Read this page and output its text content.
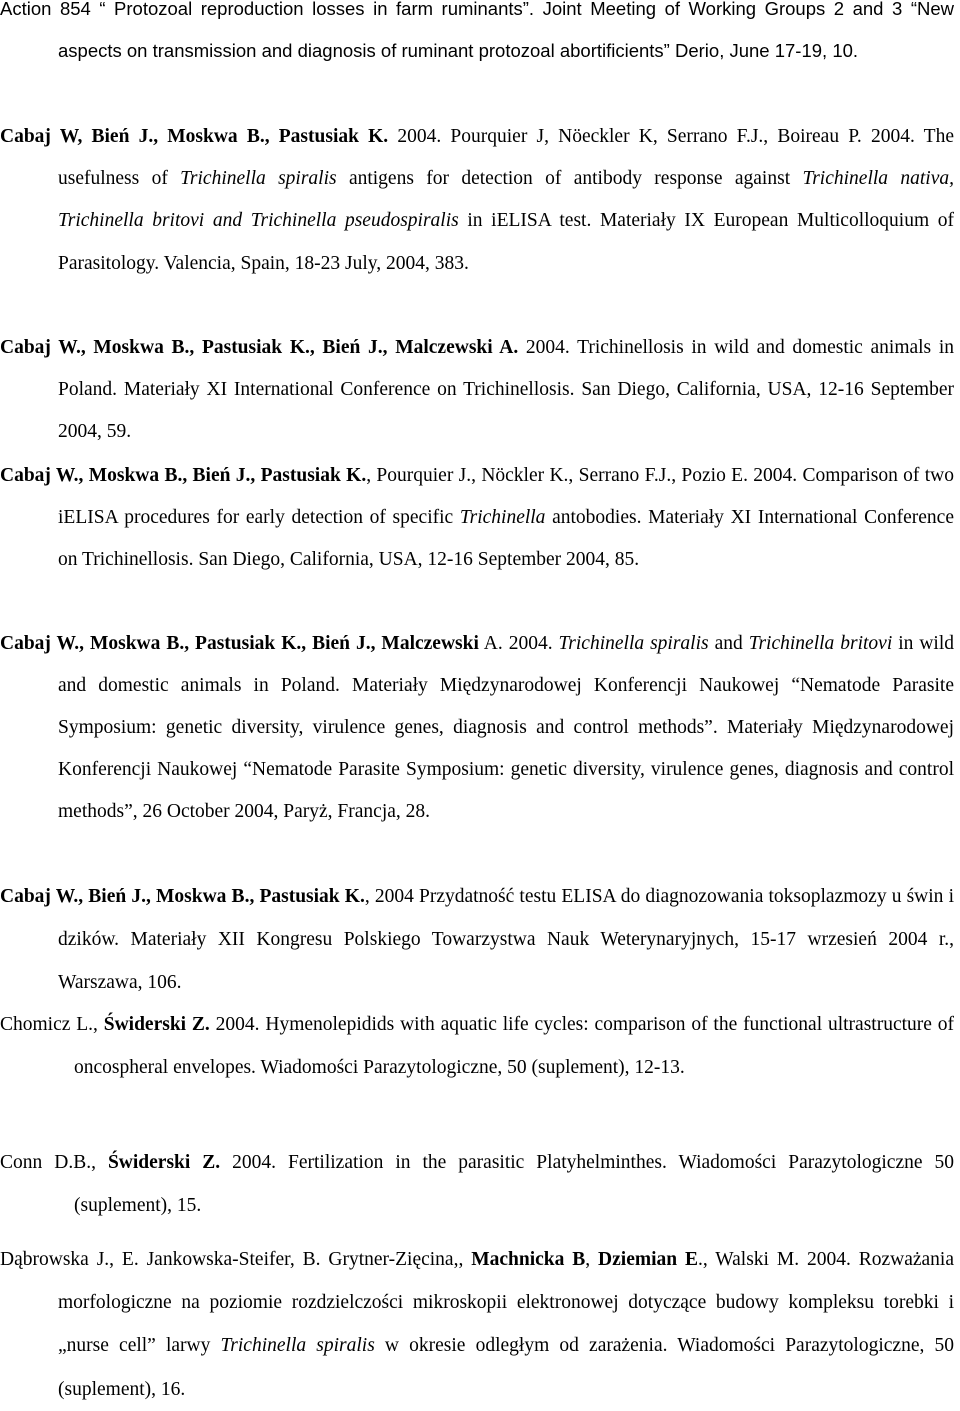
Action 854 “ Protozoal reproduction losses in farm ruminants”. Joint Meeting of Working Groups 2 and 3 “New aspects on transmission and diagnosis of ruminant protozoal abortificients” Derio, June 17-19, 10.

Cabaj W, Bień J., Moskwa B., Pastusiak K. 2004. Pourquier J, Nöeckler K, Serrano F.J., Boireau P. 2004. The usefulness of Trichinella spiralis antigens for detection of antibody response against Trichinella nativa, Trichinella britovi and Trichinella pseudospiralis in iELISA test. Materiały IX European Multicolloquium of Parasitology. Valencia, Spain, 18-23 July, 2004, 383.

Cabaj W., Moskwa B., Pastusiak K., Bień J., Malczewski A. 2004. Trichinellosis in wild and domestic animals in Poland. Materiały XI International Conference on Trichinellosis. San Diego, California, USA, 12-16 September 2004, 59.

Cabaj W., Moskwa B., Bień J., Pastusiak K., Pourquier J., Nöckler K., Serrano F.J., Pozio E. 2004. Comparison of two iELISA procedures for early detection of specific Trichinella antobodies. Materiały XI International Conference on Trichinellosis. San Diego, California, USA, 12-16 September 2004, 85.

Cabaj W., Moskwa B., Pastusiak K., Bień J., Malczewski A. 2004. Trichinella spiralis and Trichinella britovi in wild and domestic animals in Poland. Materiały Międzynarodowej Konferencji Naukowej “Nematode Parasite Symposium: genetic diversity, virulence genes, diagnosis and control methods”. Materiały Międzynarodowej Konferencji Naukowej “Nematode Parasite Symposium: genetic diversity, virulence genes, diagnosis and control methods”, 26 October 2004, Paryż, Francja, 28.

Cabaj W., Bień J., Moskwa B., Pastusiak K., 2004 Przydatność testu ELISA do diagnozowania toksoplazmozy u świn i dzików. Materiały XII Kongresu Polskiego Towarzystwa Nauk Weterynaryjnych, 15-17 wrzesień 2004 r., Warszawa, 106.

Chomicz L., Świderski Z. 2004. Hymenolepidids with aquatic life cycles: comparison of the functional ultrastructure of oncospheral envelopes. Wiadomości Parazytologiczne, 50 (suplement), 12-13.

Conn D.B., Świderski Z. 2004. Fertilization in the parasitic Platyhelminthes. Wiadomości Parazytologiczne 50 (suplement), 15.

Dąbrowska J., E. Jankowska-Steifer, B. Grytner-Zięcina,, Machnicka B, Dziemian E., Walski M. 2004. Rozważania morfologiczne na poziomie rozdzielczości mikroskopii elektronowej dotyczące budowy kompleksu torebki i „nurse cell” larwy Trichinella spiralis w okresie odległym od zarażenia. Wiadomości Parazytologiczne, 50 (suplement), 16.
